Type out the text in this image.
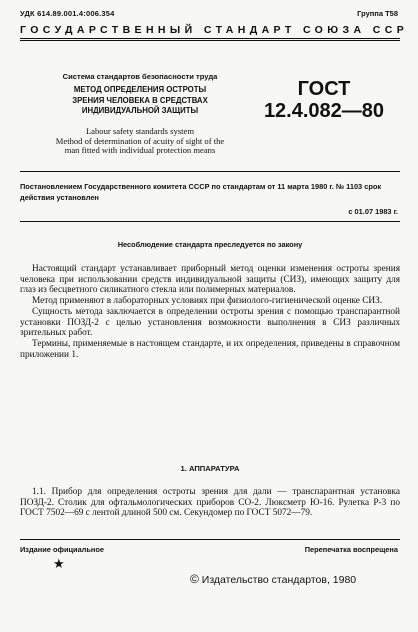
УДК 614.89.001.4:006.354	Группа Т58
ГОСУДАРСТВЕННЫЙ СТАНДАРТ СОЮЗА ССР
Система стандартов безопасности труда
МЕТОД ОПРЕДЕЛЕНИЯ ОСТРОТЫ
ЗРЕНИЯ ЧЕЛОВЕКА В СРЕДСТВАХ
ИНДИВИДУАЛЬНОЙ ЗАЩИТЫ
ГОСТ
12.4.082—80
Labour safety standards system
Method of determination of acuity of sight of the
man fitted with individual protection means
Постановлением Государственного комитета СССР по стандартам от 11 марта 1980 г. № 1103 срок действия установлен
с 01.07 1983 г.
Несоблюдение стандарта преследуется по закону

Настоящий стандарт устанавливает приборный метод оценки изменения остроты зрения человека при использовании средств индивидуальной защиты (СИЗ), имеющих защиту для глаз из бесцветного силикатного стекла или полимерных материалов.

Метод применяют в лабораторных условиях при физиолого-гигиенической оценке СИЗ.

Сущность метода заключается в определении остроты зрения с помощью транспарантной установки ПОЗД-2 с целью установления возможности выполнения в СИЗ различных зрительных работ.

Термины, применяемые в настоящем стандарте, и их определения, приведены в справочном приложении 1.

1. АППАРАТУРА

1.1. Прибор для определения остроты зрения для дали — транспарантная установка ПОЗД-2. Столик для офтальмологических приборов СО-2. Люксметр Ю-16. Рулетка Р-3 по ГОСТ 7502—69 с лентой длиной 500 см. Секундомер по ГОСТ 5072—79.

Издание официальное	Перепечатка воспрещена
★
© Издательство стандартов, 1980
